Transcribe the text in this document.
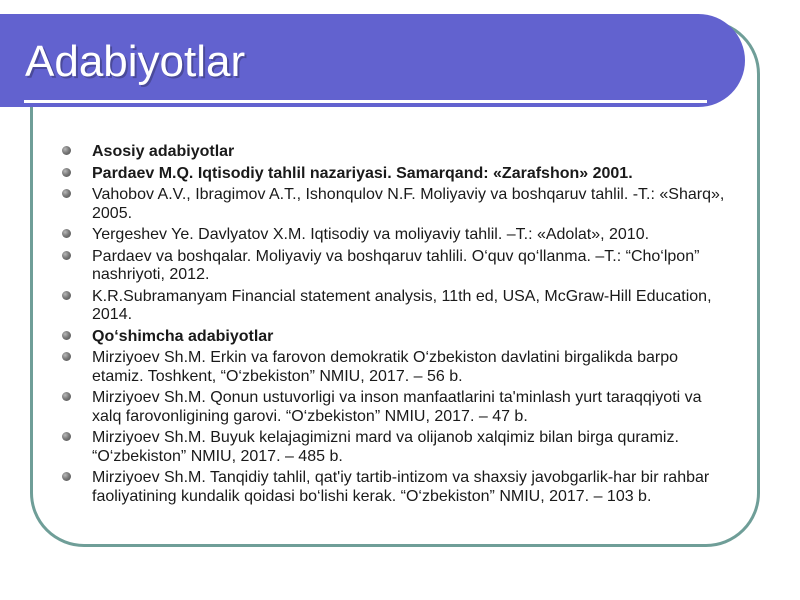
Adabiyotlar
Asosiy adabiyotlar
Pardaev M.Q. Iqtisodiy tahlil nazariyasi. Samarqand: «Zarafshon» 2001.
Vahobov A.V., Ibragimov A.T., Ishonqulov N.F. Moliyaviy va boshqaruv tahlil. -T.: «Sharq», 2005.
Yergeshev Ye. Davlyatov X.M. Iqtisodiy va moliyaviy tahlil. –T.: «Adolat», 2010.
Pardaev va boshqalar. Moliyaviy va boshqaruv tahlili. O‘quv qo‘llanma. –T.: “Cho‘lpon” nashriyoti, 2012.
K.R.Subramanyam Financial statement analysis, 11th ed, USA, McGraw-Hill Education, 2014.
Qo‘shimcha adabiyotlar
Mirziyoev Sh.M. Erkin va farovon demokratik O‘zbekiston davlatini birgalikda barpo etamiz. Toshkent, “O‘zbekiston” NMIU, 2017. – 56 b.
Mirziyoev Sh.M. Qonun ustuvorligi va inson manfaatlarini ta'minlash yurt taraqqiyoti va xalq farovonligining garovi. “O‘zbekiston” NMIU, 2017. – 47 b.
Mirziyoev Sh.M. Buyuk kelajagimizni mard va olijanob xalqimiz bilan birga quramiz. “O‘zbekiston” NMIU, 2017. – 485 b.
Mirziyoev Sh.M. Tanqidiy tahlil, qat'iy tartib-intizom va shaxsiy javobgarlik-har bir rahbar faoliyatining kundalik qoidasi bo‘lishi kerak. “O‘zbekiston” NMIU, 2017. – 103 b.
